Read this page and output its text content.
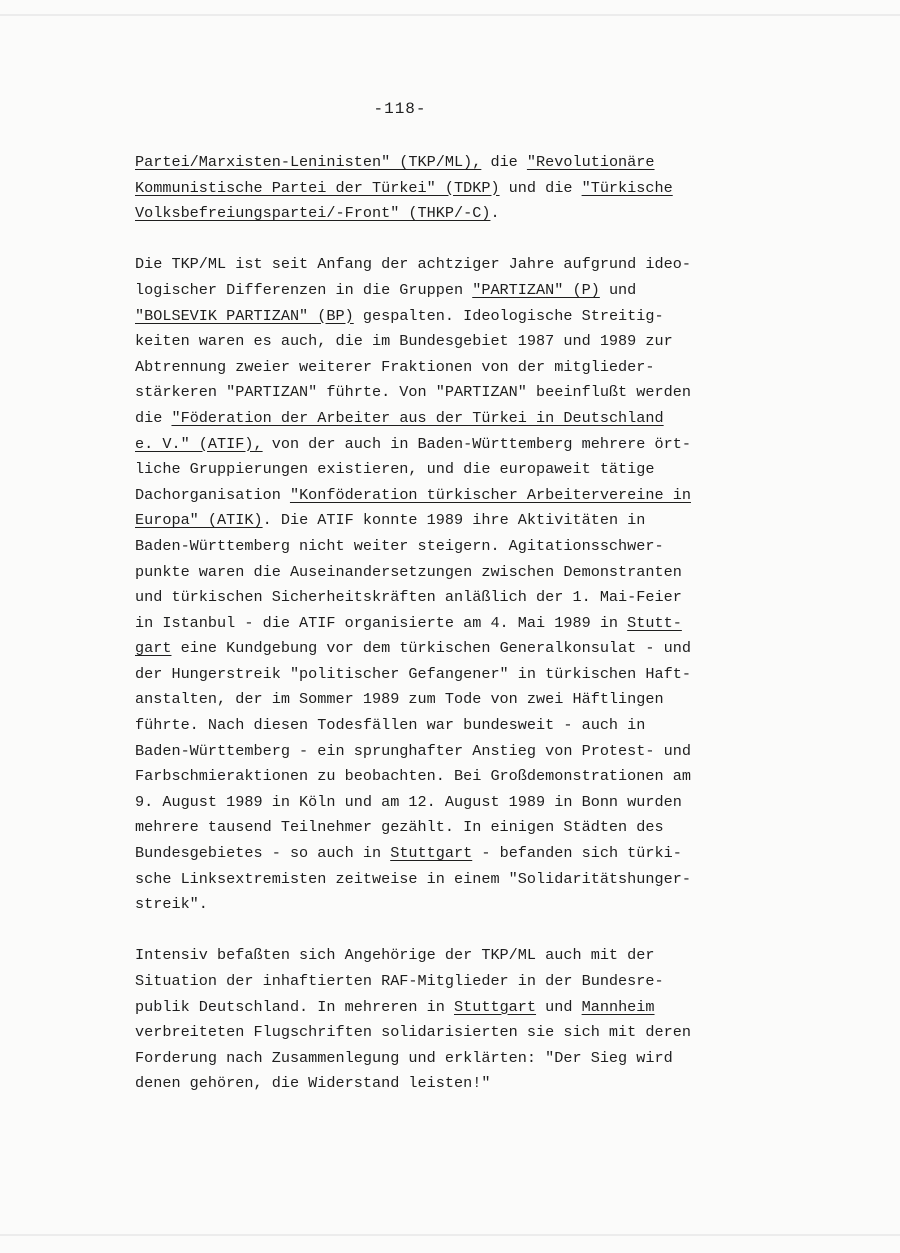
-118-
Partei/Marxisten-Leninisten" (TKP/ML), die "Revolutionäre
Kommunistische Partei der Türkei" (TDKP) und die "Türkische
Volksbefreiungspartei/-Front" (THKP/-C).
Die TKP/ML ist seit Anfang der achtziger Jahre aufgrund ideo-
logischer Differenzen in die Gruppen "PARTIZAN" (P) und
"BOLSEVIK PARTIZAN" (BP) gespalten. Ideologische Streitig-
keiten waren es auch, die im Bundesgebiet 1987 und 1989 zur
Abtrennung zweier weiterer Fraktionen von der mitglieder-
stärkeren "PARTIZAN" führte. Von "PARTIZAN" beeinflußt werden
die "Föderation der Arbeiter aus der Türkei in Deutschland
e. V." (ATIF), von der auch in Baden-Württemberg mehrere ört-
liche Gruppierungen existieren, und die europaweit tätige
Dachorganisation "Konföderation türkischer Arbeitervereine in
Europa" (ATIK). Die ATIF konnte 1989 ihre Aktivitäten in
Baden-Württemberg nicht weiter steigern. Agitationsschwer-
punkte waren die Auseinandersetzungen zwischen Demonstranten
und türkischen Sicherheitskräften anläßlich der 1. Mai-Feier
in Istanbul - die ATIF organisierte am 4. Mai 1989 in Stutt-
gart eine Kundgebung vor dem türkischen Generalkonsulat - und
der Hungerstreik "politischer Gefangener" in türkischen Haft-
anstalten, der im Sommer 1989 zum Tode von zwei Häftlingen
führte. Nach diesen Todesfällen war bundesweit - auch in
Baden-Württemberg - ein sprunghafter Anstieg von Protest- und
Farbschmieraktionen zu beobachten. Bei Großdemonstrationen am
9. August 1989 in Köln und am 12. August 1989 in Bonn wurden
mehrere tausend Teilnehmer gezählt. In einigen Städten des
Bundesgebietes - so auch in Stuttgart - befanden sich türki-
sche Linksextremisten zeitweise in einem "Solidaritätshunger-
streik".
Intensiv befaßten sich Angehörige der TKP/ML auch mit der
Situation der inhaftierten RAF-Mitglieder in der Bundesre-
publik Deutschland. In mehreren in Stuttgart und Mannheim
verbreiteten Flugschriften solidarisierten sie sich mit deren
Forderung nach Zusammenlegung und erklärten: "Der Sieg wird
denen gehören, die Widerstand leisten!"
